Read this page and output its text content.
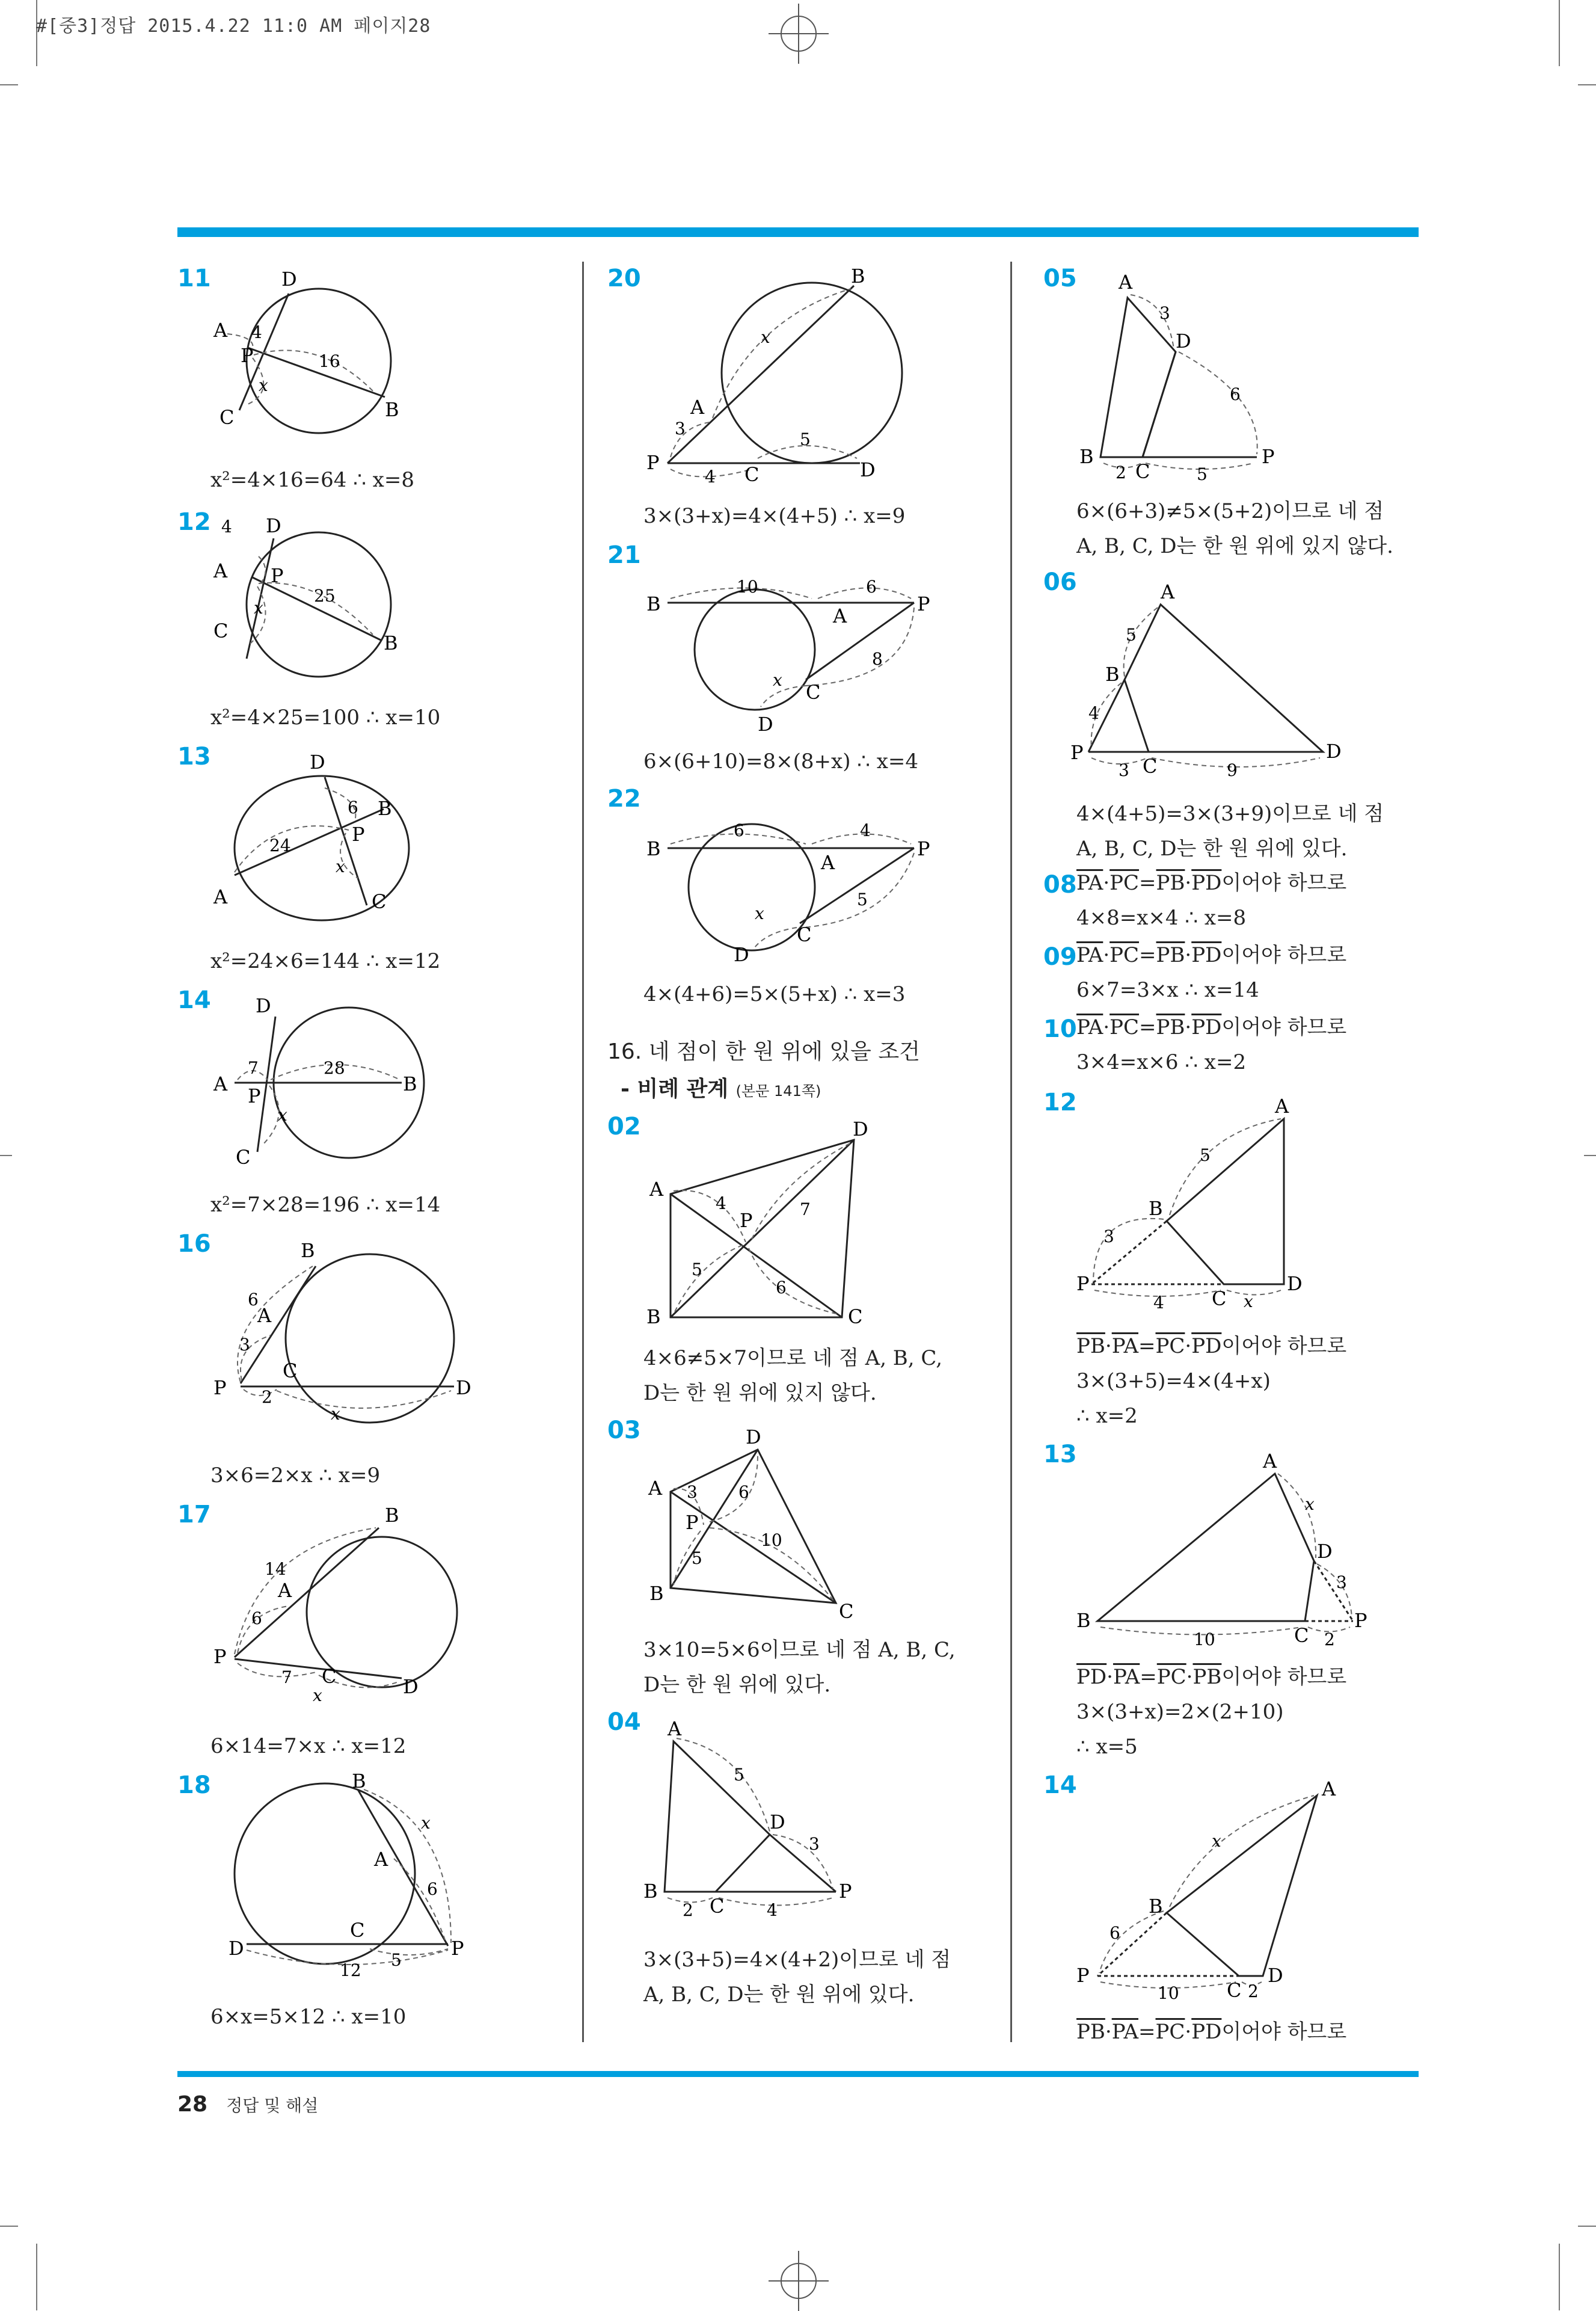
#[중3]정답 2015.4.22 11:0 AM 페이지28
11	D
A 4
P	16
x
C	B
x²=4×16=64 ∴ x=8
12 4 D
A P
25
x
C
B
x²=4×25=100 ∴ x=10
13	D
6 B
24	P
x
A	C
x²=24×6=144 ∴ x=12
14 D
7	28
A
P
B
x
C
x²=7×28=196 ∴ x=14
16	B
6
A
3
C
P 2	D
x
3×6=2×x ∴ x=9
17	B
14
A
6
P
7 C	D
x
6×14=7×x ∴ x=12
18	B
x
A
6
C
D
5
P
12
6×x=5×12 ∴ x=10
20	B
x
A
3
P
5
4 C	D
3×(3+x)=4×(4+5) ∴ x=9
21
10	6
B
A
P
8
x
C
D
6×(6+10)=8×(8+x) ∴ x=4
22
6	4
B
A
P
x
5
C
D
4×(4+6)=5×(5+x) ∴ x=3
16. 네 점이 한 원 위에 있을 조건
- 비례 관계 (본문 141쪽)
02	D
A
4
P	7
5
6
B	C
4×6≠5×7이므로 네 점 A, B, C,
D는 한 원 위에 있지 않다.
03	D
A 3 6
P
10
5
B
C
3×10=5×6이므로 네 점 A, B, C,
D는 한 원 위에 있다.
04 A
5
D
3
B	P
2 C	4
3×(3+5)=4×(4+2)이므로 네 점
A, B, C, D는 한 원 위에 있다.
05 A
3
D
6
B
2 C	5
P
6×(6+3)≠5×(5+2)이므로 네 점
A, B, C, D는 한 원 위에 있지 않다.
06	A
5
B
4
P
3 C	9
D
4×(4+5)=3×(3+9)이므로 네 점
A, B, C, D는 한 원 위에 있다.
08 $\overline{PA}\cdot\overline{PC}=\overline{PB}\cdot\overline{PD}$이어야 하므로
4×8=x×4 ∴ x=8
09 $\overline{PA}\cdot\overline{PC}=\overline{PB}\cdot\overline{PD}$이어야 하므로
6×7=3×x ∴ x=14
10 $\overline{PA}\cdot\overline{PC}=\overline{PB}\cdot\overline{PD}$이어야 하므로
3×4=x×6 ∴ x=2
12	A
5
B
3
P
4 C x
D
$\overline{PB}\cdot\overline{PA}=\overline{PC}\cdot\overline{PD}$이어야 하므로
3×(3+5)=4×(4+x)
∴ x=2
13	A
x
D
3
B
10	C 2
P
$\overline{PD}\cdot\overline{PA}=\overline{PC}\cdot\overline{PB}$이어야 하므로
3×(3+x)=2×(2+10)
∴ x=5
14	A
x
B
6
P
10 C 2
D
$\overline{PB}\cdot\overline{PA}=\overline{PC}\cdot\overline{PD}$이어야 하므로
28 정답 및 해설
